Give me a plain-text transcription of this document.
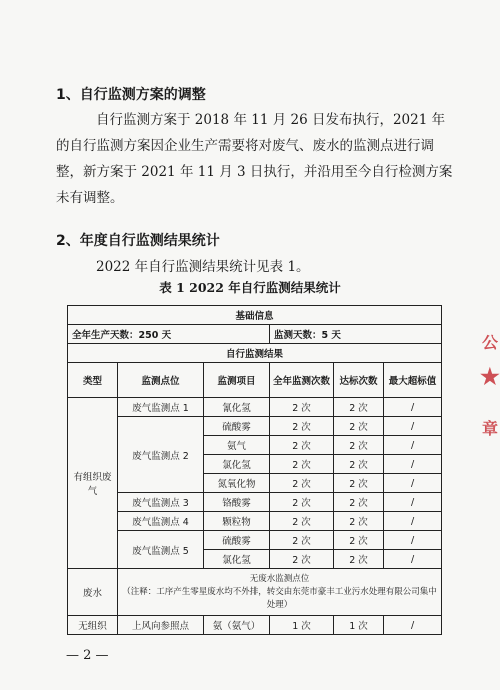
1、自行监测方案的调整
自行监测方案于 2018 年 11 月 26 日发布执行，2021 年的自行监测方案因企业生产需要将对废气、废水的监测点进行调整，新方案于 2021 年 11 月 3 日执行，并沿用至今自行检测方案未有调整。
2、年度自行监测结果统计
2022 年自行监测结果统计见表 1。
表 1 2022 年自行监测结果统计
基础信息					
全年生产天数：250 天			监测天数：5 天		
自行监测结果					
类型	监测点位	监测项目	全年监测次数	达标次数	最大超标值
有组织废气	废气监测点 1	氰化氢	2 次	2 次	/
	废气监测点 2	硫酸雾	2 次	2 次	/
		氨气	2 次	2 次	/
		氯化氢	2 次	2 次	/
		氮氧化物	2 次	2 次	/
	废气监测点 3	铬酸雾	2 次	2 次	/
	废气监测点 4	颗粒物	2 次	2 次	/
	废气监测点 5	硫酸雾	2 次	2 次	/
		氯化氢	2 次	2 次	/
废水	无废水监测点位
（注释：工序产生零星废水均不外排，转交由东莞市豪丰工业污水处理有限公司集中处理）				

无组织	上风向参照点	氨（氨气）	1 次	1 次	/
— 2 —
公
★
章
